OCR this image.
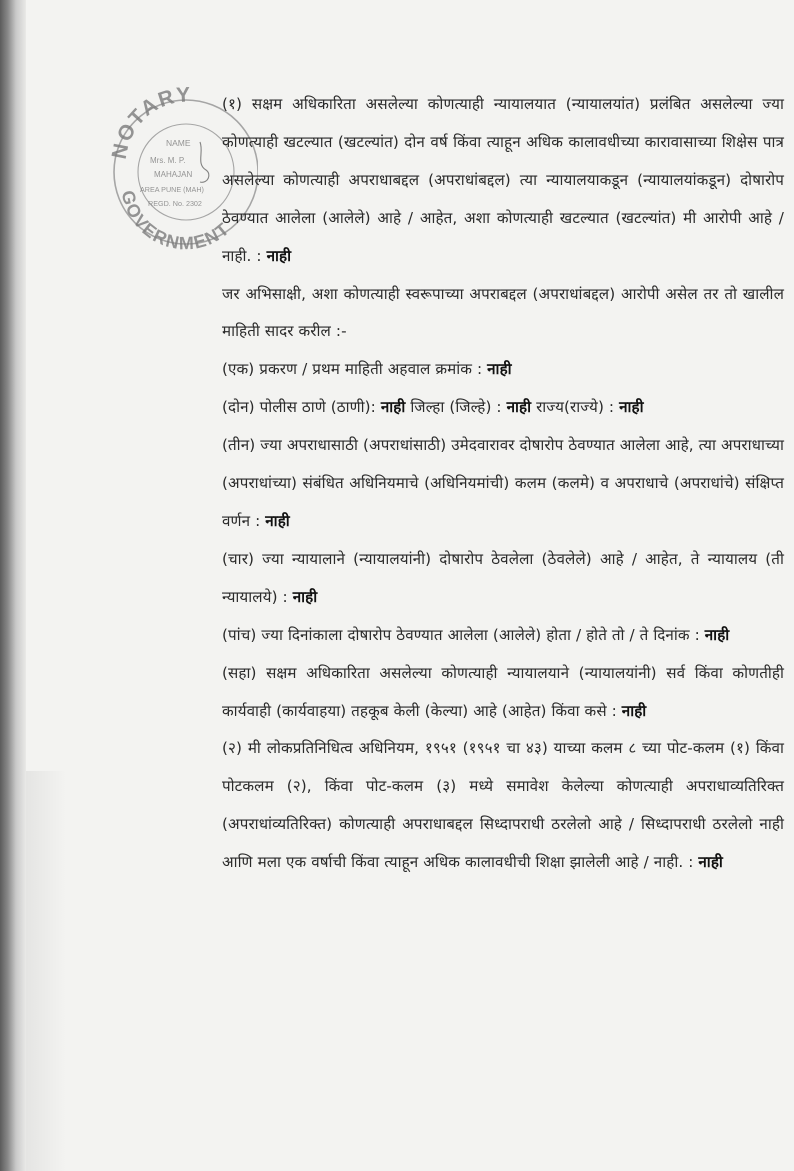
NOTARY
GOVERNMENT
NAME
Mrs. M. P.
MAHAJAN
AREA PUNE (MAH)
REGD. No. 2302

(१) सक्षम अधिकारिता असलेल्या कोणत्याही न्यायालयात (न्यायालयांत) प्रलंबित असलेल्या ज्या कोणत्याही खटल्यात (खटल्यांत) दोन वर्ष किंवा त्याहून अधिक कालावधीच्या कारावासाच्या शिक्षेस पात्र असलेल्या कोणत्याही अपराधाबद्दल (अपराधांबद्दल) त्या न्यायालयाकडून (न्यायालयांकडून) दोषारोप ठेवण्यात आलेला (आलेले) आहे / आहेत, अशा कोणत्याही खटल्यात (खटल्यांत) मी आरोपी आहे / नाही. : नाही

जर अभिसाक्षी, अशा कोणत्याही स्वरूपाच्या अपराबद्दल (अपराधांबद्दल) आरोपी असेल तर तो खालील माहिती सादर करील :-

(एक) प्रकरण / प्रथम माहिती अहवाल क्रमांक : नाही

(दोन) पोलीस ठाणे (ठाणी): नाही जिल्हा (जिल्हे) : नाही राज्य(राज्ये) : नाही

(तीन) ज्या अपराधासाठी (अपराधांसाठी) उमेदवारावर दोषारोप ठेवण्यात आलेला आहे, त्या अपराधाच्या (अपराधांच्या) संबंधित अधिनियमाचे (अधिनियमांची) कलम (कलमे) व अपराधाचे (अपराधांचे) संक्षिप्त वर्णन : नाही

(चार) ज्या न्यायालाने (न्यायालयांनी) दोषारोप ठेवलेला (ठेवलेले) आहे / आहेत, ते न्यायालय (ती न्यायालये) : नाही

(पांच) ज्या दिनांकाला दोषारोप ठेवण्यात आलेला (आलेले) होता / होते तो / ते दिनांक : नाही

(सहा) सक्षम अधिकारिता असलेल्या कोणत्याही न्यायालयाने (न्यायालयांनी) सर्व किंवा कोणतीही कार्यवाही (कार्यवाहया) तहकूब केली (केल्या) आहे (आहेत) किंवा कसे : नाही

(२) मी लोकप्रतिनिधित्व अधिनियम, १९५१ (१९५१ चा ४३) याच्या कलम ८ च्या पोट-कलम (१) किंवा पोटकलम (२), किंवा पोट-कलम (३) मध्ये समावेश केलेल्या कोणत्याही अपराधाव्यतिरिक्त (अपराधांव्यतिरिक्त) कोणत्याही अपराधाबद्दल सिध्दापराधी ठरलेलो आहे / सिध्दापराधी ठरलेलो नाही आणि मला एक वर्षाची किंवा त्याहून अधिक कालावधीची शिक्षा झालेली आहे / नाही. : नाही
